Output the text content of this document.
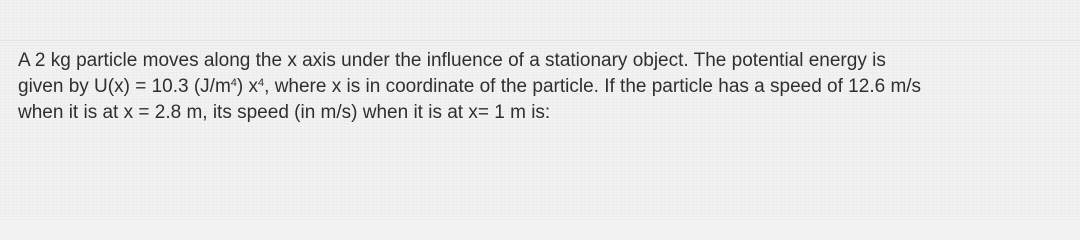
A 2 kg particle moves along the x axis under the influence of a stationary object. The potential energy is
given by U(x) = 10.3 $(J/m^4)$ $x^4$, where x is in coordinate of the particle. If the particle has a speed of 12.6 m/s
when it is at x = 2.8 m, its speed (in m/s) when it is at x= 1 m is:
